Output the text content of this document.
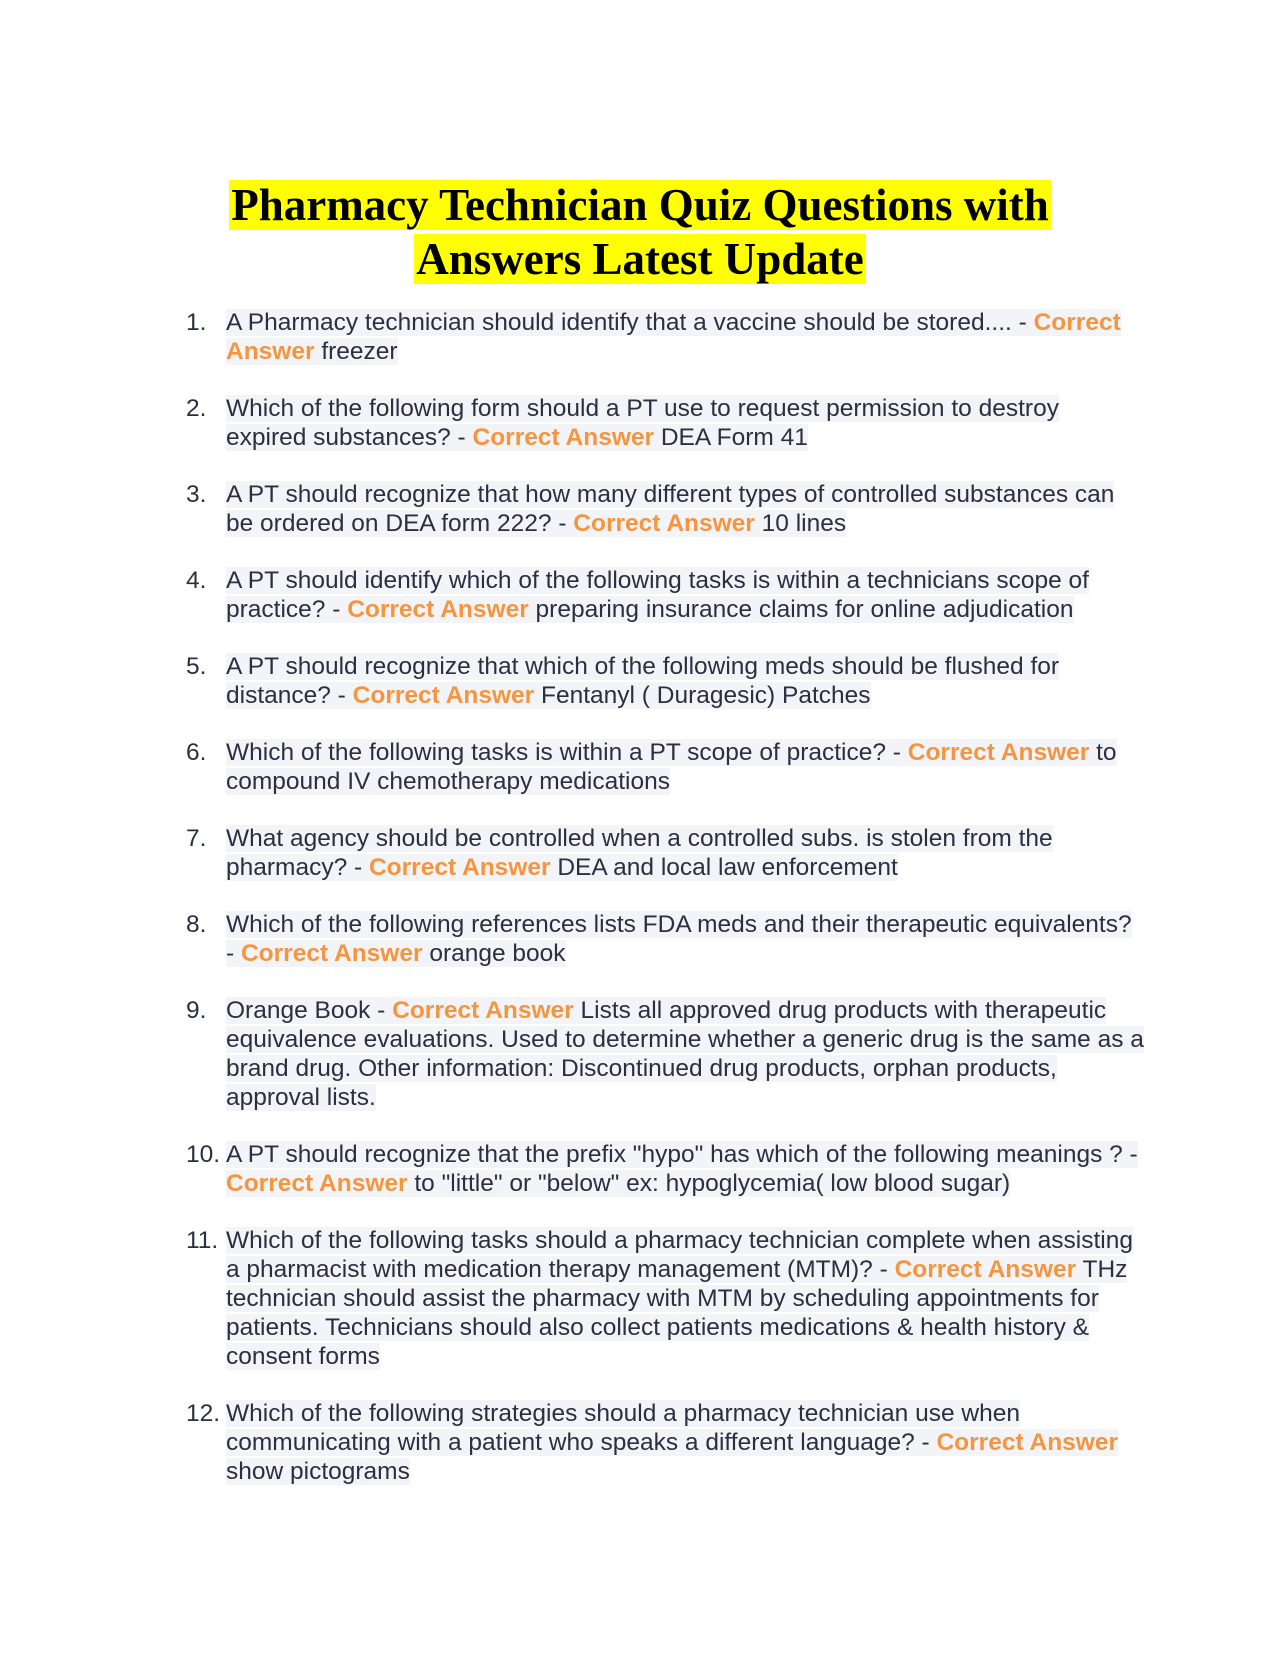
Pharmacy Technician Quiz Questions with
Answers Latest Update
1. A Pharmacy technician should identify that a vaccine should be stored.... - Correct Answer freezer
2. Which of the following form should a PT use to request permission to destroy expired substances? - Correct Answer DEA Form 41
3. A PT should recognize that how many different types of controlled substances can be ordered on DEA form 222? - Correct Answer 10 lines
4. A PT should identify which of the following tasks is within a technicians scope of practice? - Correct Answer preparing insurance claims for online adjudication
5. A PT should recognize that which of the following meds should be flushed for distance? - Correct Answer Fentanyl ( Duragesic) Patches
6. Which of the following tasks is within a PT scope of practice? - Correct Answer to compound IV chemotherapy medications
7. What agency should be controlled when a controlled subs. is stolen from the pharmacy? - Correct Answer DEA and local law enforcement
8. Which of the following references lists FDA meds and their therapeutic equivalents? - Correct Answer orange book
9. Orange Book - Correct Answer Lists all approved drug products with therapeutic equivalence evaluations. Used to determine whether a generic drug is the same as a brand drug. Other information: Discontinued drug products, orphan products, approval lists.
10. A PT should recognize that the prefix "hypo" has which of the following meanings ? - Correct Answer to "little" or "below" ex: hypoglycemia( low blood sugar)
11. Which of the following tasks should a pharmacy technician complete when assisting a pharmacist with medication therapy management (MTM)? - Correct Answer THz technician should assist the pharmacy with MTM by scheduling appointments for patients. Technicians should also collect patients medications & health history & consent forms
12. Which of the following strategies should a pharmacy technician use when communicating with a patient who speaks a different language? - Correct Answer show pictograms
